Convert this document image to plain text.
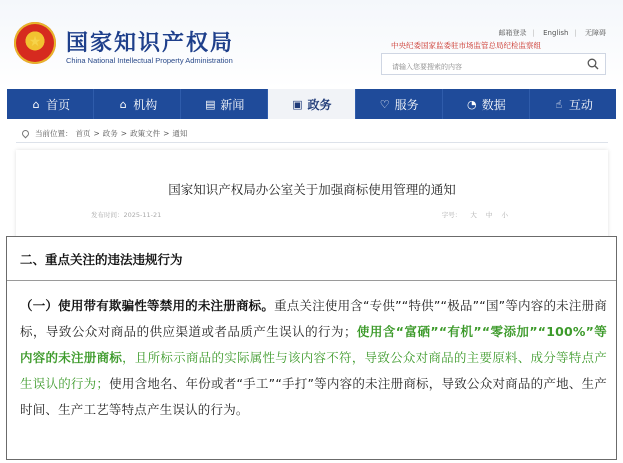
★	国家知识产权局
China National Intellectual Property Administration
邮箱登录 | English | 无障碍
中央纪委国家监委驻市场监管总局纪检监察组
请输入您要搜索的内容
⌂ 首页	⌂ 机构	▤ 新闻	▣ 政务	♡ 服务	◔ 数据	☝ 互动
当前位置： 首页 > 政务 > 政策文件 > 通知
国家知识产权局办公室关于加强商标使用管理的通知
发布时间：2025-11-21	字号： 大 中 小
二、重点关注的违法违规行为
（一）使用带有欺骗性等禁用的未注册商标。重点关注使用含“专供”“特供”“极品”“国”等内容的未注册商标，导致公众对商品的供应渠道或者品质产生误认的行为；使用含“富硒”“有机”“零添加”“100%”等内容的未注册商标，且所标示商品的实际属性与该内容不符，导致公众对商品的主要原料、成分等特点产生误认的行为；使用含地名、年份或者“手工”“手打”等内容的未注册商标，导致公众对商品的产地、生产时间、生产工艺等特点产生误认的行为。
